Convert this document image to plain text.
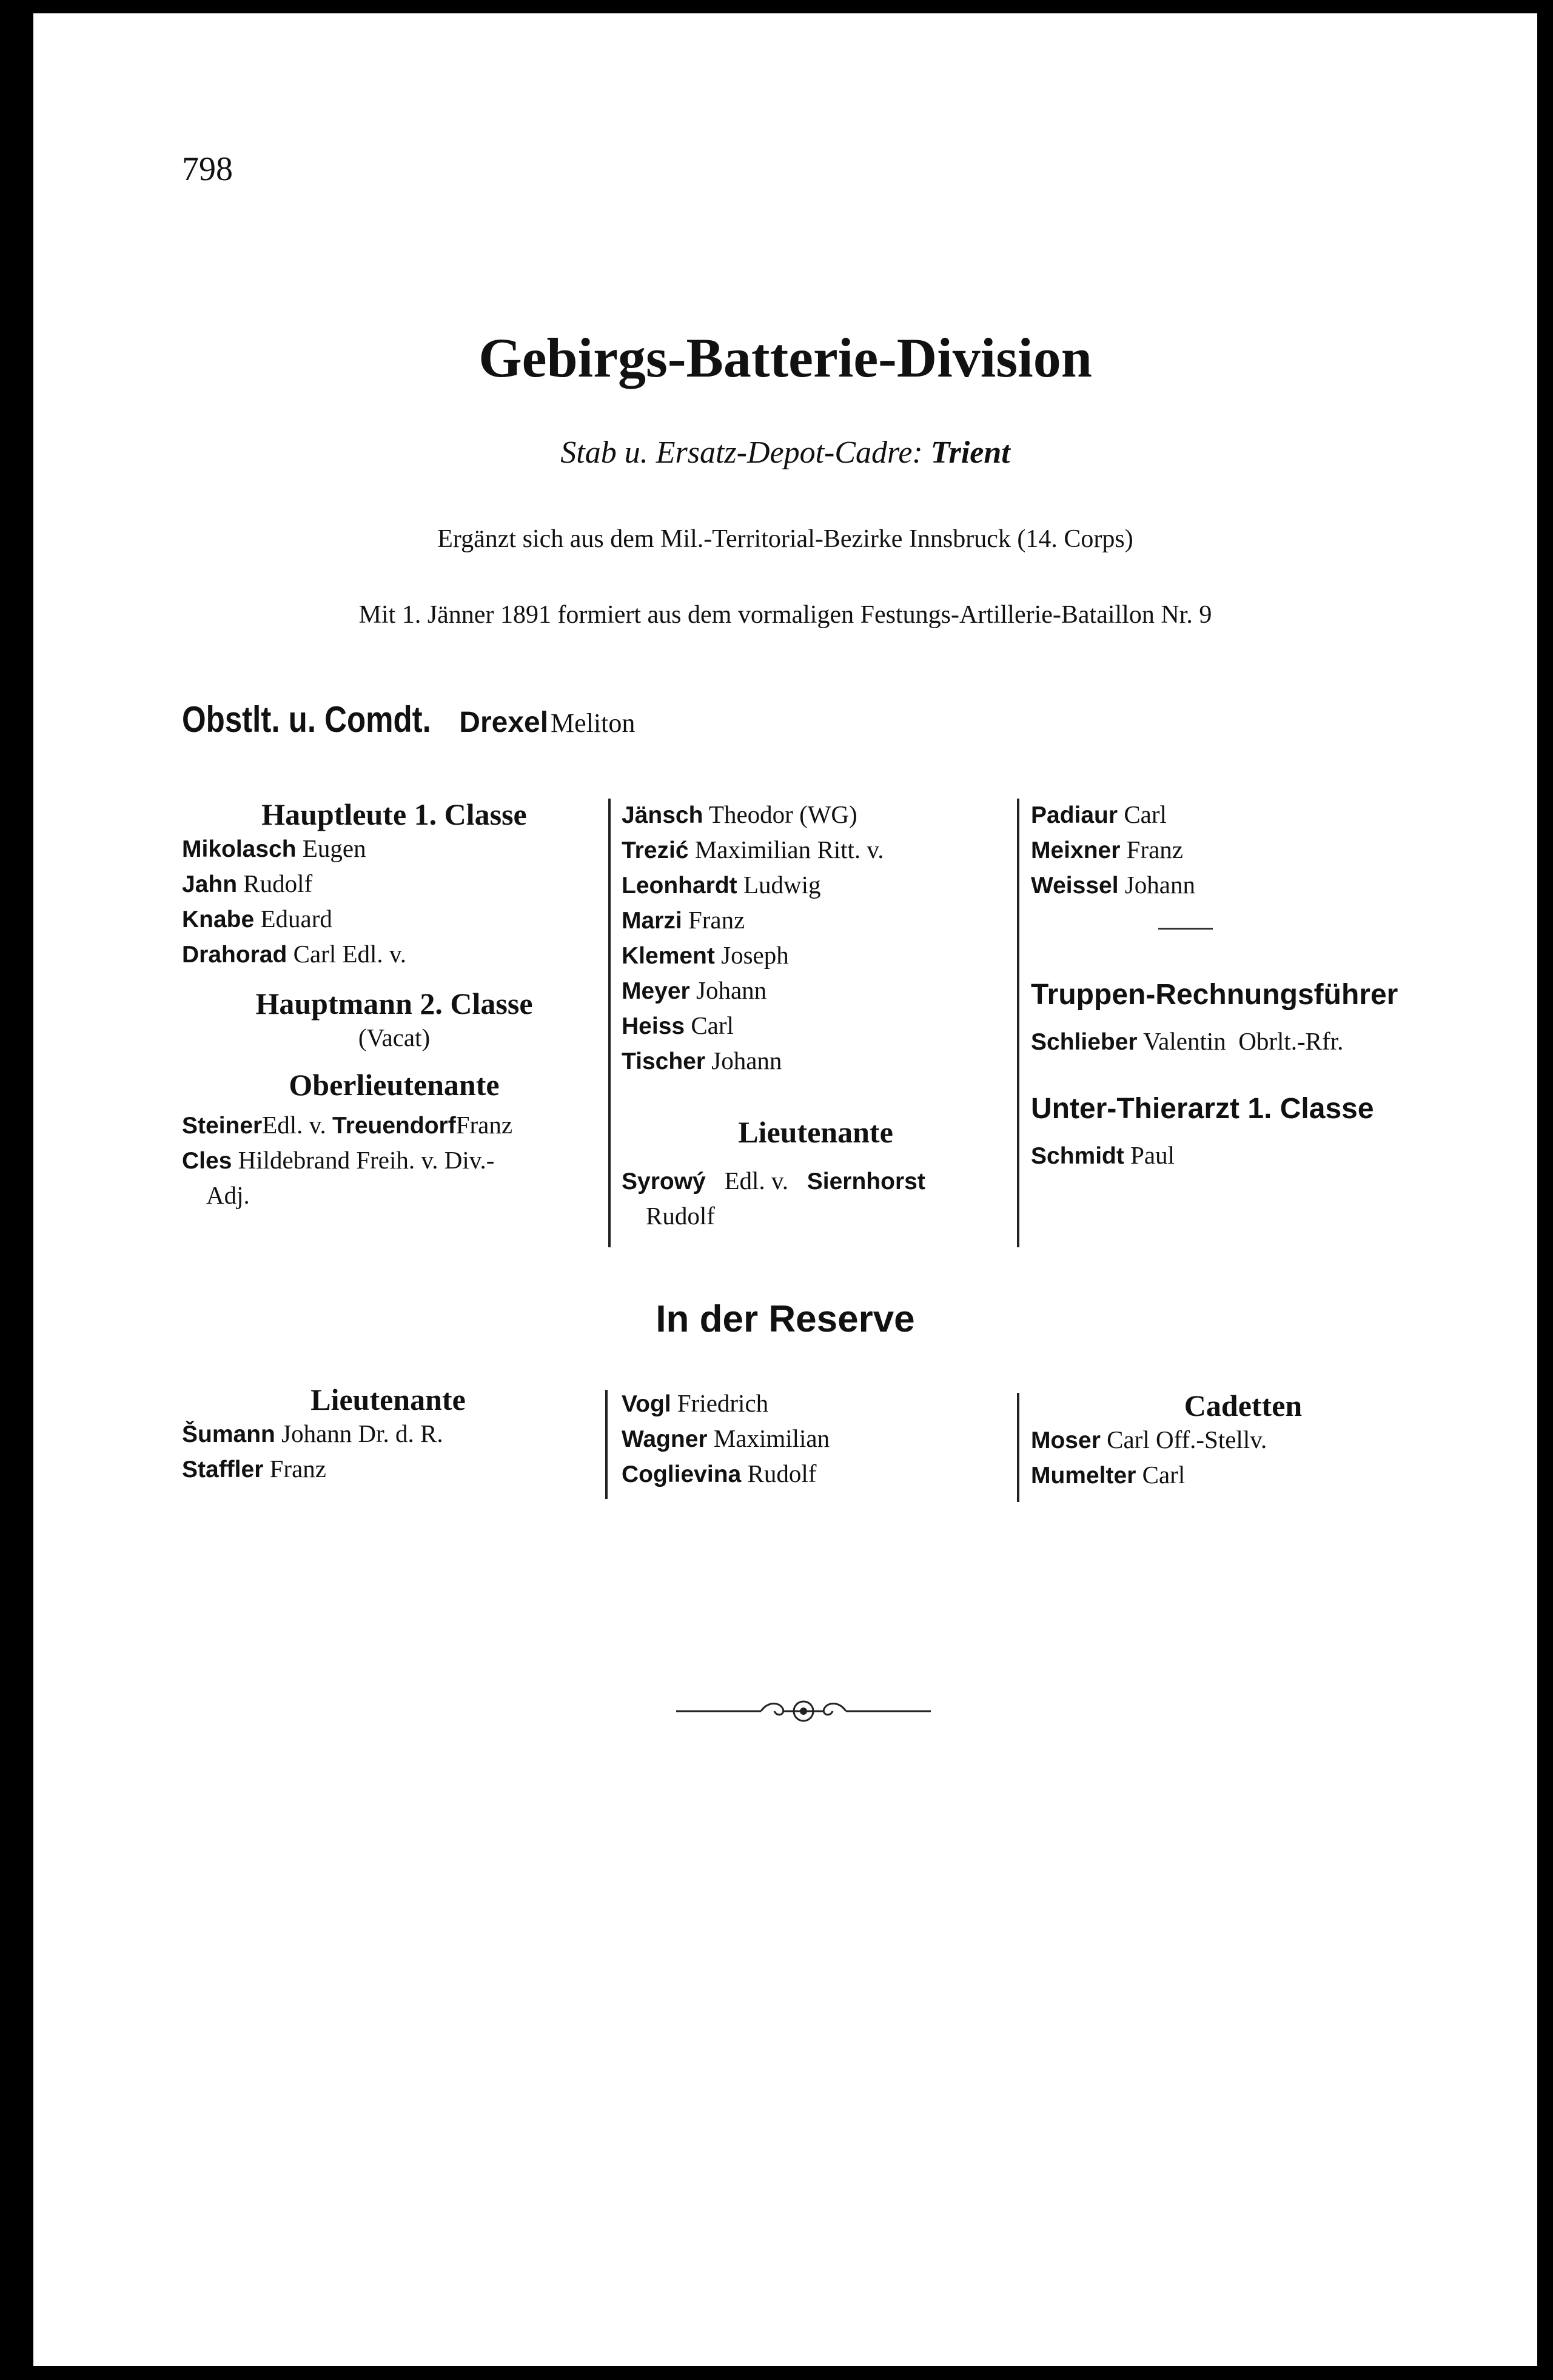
798
Gebirgs-Batterie-Division
Stab u. Ersatz-Depot-Cadre: Trient
Ergänzt sich aus dem Mil.-Territorial-Bezirke Innsbruck (14. Corps)
Mit 1. Jänner 1891 formiert aus dem vormaligen Festungs-Artillerie-Bataillon Nr. 9
Obstlt. u. Comdt. Drexel Meliton
Hauptleute 1. Classe
Mikolasch Eugen
Jahn Rudolf
Knabe Eduard
Drahorad Carl Edl. v.
Hauptmann 2. Classe
(Vacat)
Oberlieutenante
SteinerEdl. v. TreuendorfFranz
Cles Hildebrand Freih. v. Div.-
Adj.
Jänsch Theodor (WG)
Trezić Maximilian Ritt. v.
Leonhardt Ludwig
Marzi Franz
Klement Joseph
Meyer Johann
Heiss Carl
Tischer Johann
Lieutenante
Syrowý Edl. v. Siernhorst
Rudolf
Padiaur Carl
Meixner Franz
Weissel Johann
Truppen-Rechnungsführer
Schlieber Valentin Obrlt.-Rfr.
Unter-Thierarzt 1. Classe
Schmidt Paul
In der Reserve
Lieutenante
Šumann Johann Dr. d. R.
Staffler Franz
Vogl Friedrich
Wagner Maximilian
Coglievina Rudolf
Cadetten
Moser Carl Off.-Stellv.
Mumelter Carl
